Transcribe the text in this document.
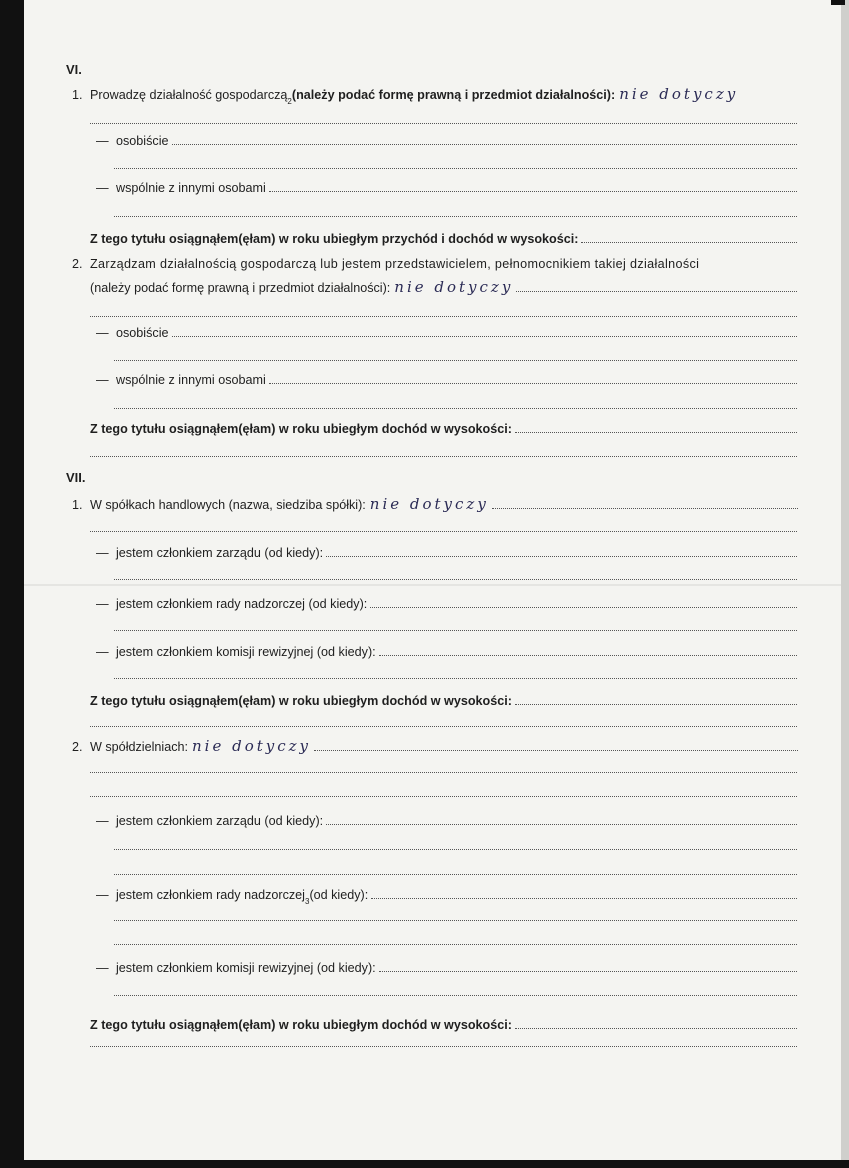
VI.
1. Prowadzę działalność gospodarczą 2 (należy podać formę prawną i przedmiot działalności): nie dotyczy
— osobiście
— wspólnie z innymi osobami
Z tego tytułu osiągnąłem(ęłam) w roku ubiegłym przychód i dochód w wysokości:
2. Zarządzam działalnością gospodarczą lub jestem przedstawicielem, pełnomocnikiem takiej działalności
(należy podać formę prawną i przedmiot działalności): nie dotyczy
— osobiście
— wspólnie z innymi osobami
Z tego tytułu osiągnąłem(ęłam) w roku ubiegłym dochód w wysokości:
VII.
1. W spółkach handlowych (nazwa, siedziba spółki): nie dotyczy
— jestem członkiem zarządu (od kiedy):
— jestem członkiem rady nadzorczej (od kiedy):
— jestem członkiem komisji rewizyjnej (od kiedy):
Z tego tytułu osiągnąłem(ęłam) w roku ubiegłym dochód w wysokości:
2. W spółdzielniach: nie dotyczy
— jestem członkiem zarządu (od kiedy):
— jestem członkiem rady nadzorczej 3 (od kiedy):
— jestem członkiem komisji rewizyjnej (od kiedy):
Z tego tytułu osiągnąłem(ęłam) w roku ubiegłym dochód w wysokości:
